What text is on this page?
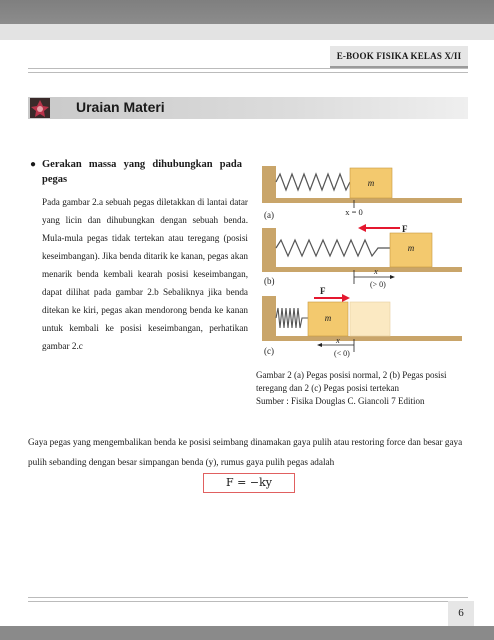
E-BOOK FISIKA KELAS X/II
Uraian Materi
● Gerakan massa yang dihubungkan pada
pegas
Pada gambar 2.a sebuah pegas diletakkan di lantai datar yang licin dan dihubungkan dengan sebuah benda. Mula-mula pegas tidak tertekan atau teregang (posisi keseimbangan). Jika benda ditarik ke kanan, pegas akan menarik benda kembali kearah posisi keseimbangan, dapat dilihat pada gambar 2.b Sebaliknya jika benda ditekan ke kiri, pegas akan mendorong benda ke kanan untuk kembali ke posisi keseimbangan, perhatikan gambar 2.c
m
x = 0
(a)
m
F
x
(> 0)
(b)
m
F
x
(< 0)
(c)
Gambar 2 (a) Pegas posisi normal, 2 (b) Pegas posisi
teregang dan 2 (c) Pegas posisi tertekan
Sumber : Fisika Douglas C. Giancoli 7 Edition
Gaya pegas yang mengembalikan benda ke posisi seimbang dinamakan gaya pulih atau restoring force dan besar gaya pulih sebanding dengan besar simpangan benda (y), rumus gaya pulih pegas adalah
F = −ky
6
